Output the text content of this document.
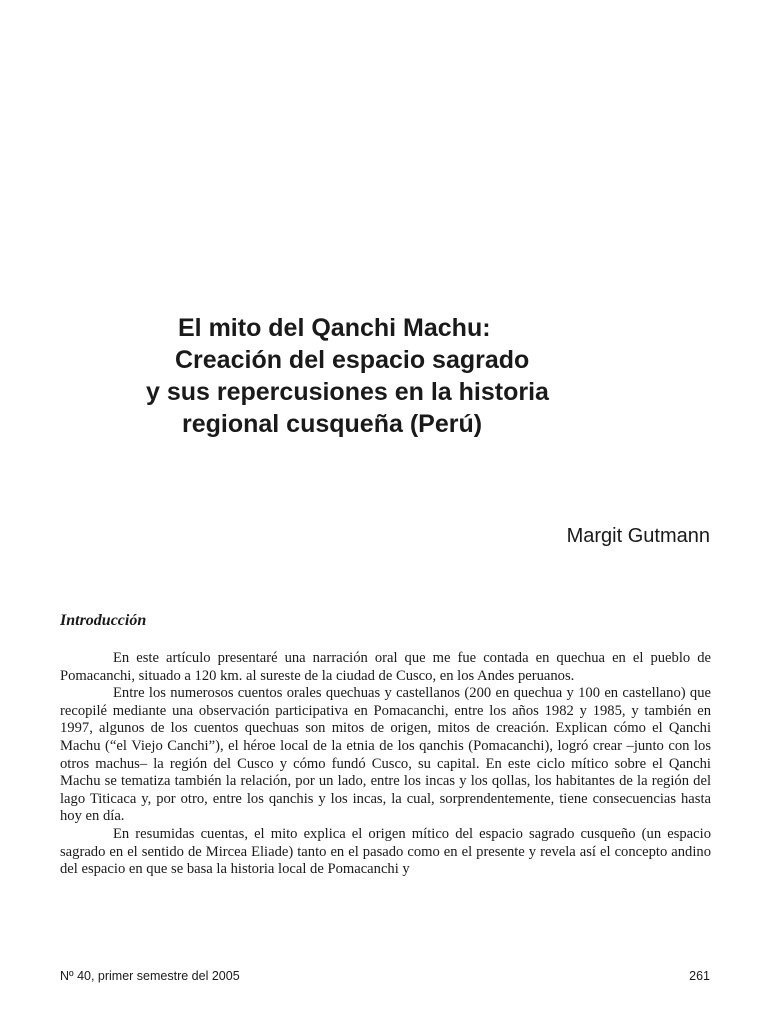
El mito del Qanchi Machu:
Creación del espacio sagrado
y sus repercusiones en la historia
regional cusqueña (Perú)
Margit Gutmann
Introducción

En este artículo presentaré una narración oral que me fue contada en quechua en el pueblo de Pomacanchi, situado a 120 km. al sureste de la ciudad de Cusco, en los Andes peruanos.

Entre los numerosos cuentos orales quechuas y castellanos (200 en quechua y 100 en castellano) que recopilé mediante una observación participativa en Pomacanchi, entre los años 1982 y 1985, y también en 1997, algunos de los cuentos quechuas son mitos de origen, mitos de creación. Explican cómo el Qanchi Machu (“el Viejo Canchi”), el héroe local de la etnia de los qanchis (Pomacanchi), logró crear –junto con los otros machus– la región del Cusco y cómo fundó Cusco, su capital. En este ciclo mítico sobre el Qanchi Machu se tematiza también la relación, por un lado, entre los incas y los qollas, los habitantes de la región del lago Titicaca y, por otro, entre los qanchis y los incas, la cual, sorprendentemente, tiene consecuencias hasta hoy en día.

En resumidas cuentas, el mito explica el origen mítico del espacio sagrado cusqueño (un espacio sagrado en el sentido de Mircea Eliade) tanto en el pasado como en el presente y revela así el concepto andino del espacio en que se basa la historia local de Pomacanchi y

Nº 40, primer semestre del 2005	261
